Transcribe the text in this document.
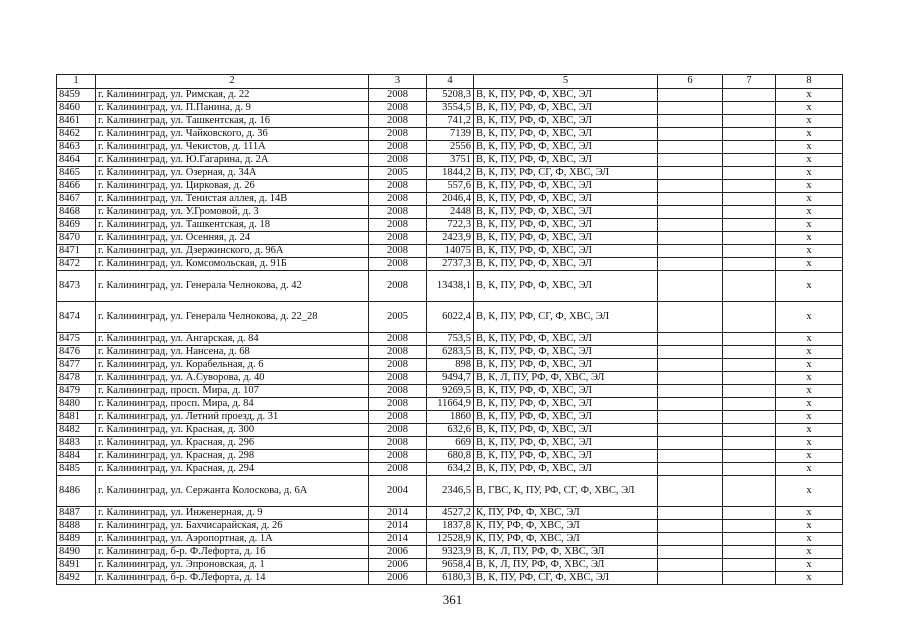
1	2	3	4	5	6	7	8
8459	г. Калининград, ул. Римская, д. 22	2008	5208,3	В, К, ПУ, РФ, Ф, ХВС, ЭЛ			x
8460	г. Калининград, ул. П.Панина, д. 9	2008	3554,5	В, К, ПУ, РФ, Ф, ХВС, ЭЛ			x
8461	г. Калининград, ул. Ташкентская, д. 16	2008	741,2	В, К, ПУ, РФ, Ф, ХВС, ЭЛ			x
8462	г. Калининград, ул. Чайковского, д. 36	2008	7139	В, К, ПУ, РФ, Ф, ХВС, ЭЛ			x
8463	г. Калининград, ул. Чекистов, д. 111А	2008	2556	В, К, ПУ, РФ, Ф, ХВС, ЭЛ			x
8464	г. Калининград, ул. Ю.Гагарина, д. 2А	2008	3751	В, К, ПУ, РФ, Ф, ХВС, ЭЛ			x
8465	г. Калининград, ул. Озерная, д. 34А	2005	1844,2	В, К, ПУ, РФ, СГ, Ф, ХВС, ЭЛ			x
8466	г. Калининград, ул. Цирковая, д. 26	2008	557,6	В, К, ПУ, РФ, Ф, ХВС, ЭЛ			x
8467	г. Калининград, ул. Тенистая аллея, д. 14В	2008	2046,4	В, К, ПУ, РФ, Ф, ХВС, ЭЛ			x
8468	г. Калининград, ул. У.Громовой, д. 3	2008	2448	В, К, ПУ, РФ, Ф, ХВС, ЭЛ			x
8469	г. Калининград, ул. Ташкентская, д. 18	2008	722,3	В, К, ПУ, РФ, Ф, ХВС, ЭЛ			x
8470	г. Калининград, ул. Осенняя, д. 24	2008	2423,9	В, К, ПУ, РФ, Ф, ХВС, ЭЛ			x
8471	г. Калининград, ул. Дзержинского, д. 96А	2008	14075	В, К, ПУ, РФ, Ф, ХВС, ЭЛ			x
8472	г. Калининград, ул. Комсомольская, д. 91Б	2008	2737,3	В, К, ПУ, РФ, Ф, ХВС, ЭЛ			x
8473	г. Калининград, ул. Генерала Челнокова, д. 42	2008	13438,1	В, К, ПУ, РФ, Ф, ХВС, ЭЛ			x
8474	г. Калининград, ул. Генерала Челнокова, д. 22_28	2005	6022,4	В, К, ПУ, РФ, СГ, Ф, ХВС, ЭЛ			x
8475	г. Калининград, ул. Ангарская, д. 84	2008	753,5	В, К, ПУ, РФ, Ф, ХВС, ЭЛ			x
8476	г. Калининград, ул. Нансена, д. 68	2008	6283,5	В, К, ПУ, РФ, Ф, ХВС, ЭЛ			x
8477	г. Калининград, ул. Корабельная, д. 6	2008	898	В, К, ПУ, РФ, Ф, ХВС, ЭЛ			x
8478	г. Калининград, ул. А.Суворова, д. 40	2008	9494,7	В, К, Л, ПУ, РФ, Ф, ХВС, ЭЛ			x
8479	г. Калининград, просп. Мира, д. 107	2008	9269,5	В, К, ПУ, РФ, Ф, ХВС, ЭЛ			x
8480	г. Калининград, просп. Мира, д. 84	2008	11664,9	В, К, ПУ, РФ, Ф, ХВС, ЭЛ			x
8481	г. Калининград, ул. Летний проезд, д. 31	2008	1860	В, К, ПУ, РФ, Ф, ХВС, ЭЛ			x
8482	г. Калининград, ул. Красная, д. 300	2008	632,6	В, К, ПУ, РФ, Ф, ХВС, ЭЛ			x
8483	г. Калининград, ул. Красная, д. 296	2008	669	В, К, ПУ, РФ, Ф, ХВС, ЭЛ			x
8484	г. Калининград, ул. Красная, д. 298	2008	680,8	В, К, ПУ, РФ, Ф, ХВС, ЭЛ			x
8485	г. Калининград, ул. Красная, д. 294	2008	634,2	В, К, ПУ, РФ, Ф, ХВС, ЭЛ			x
8486	г. Калининград, ул. Сержанта Колоскова, д. 6А	2004	2346,5	В, ГВС, К, ПУ, РФ, СГ, Ф, ХВС, ЭЛ			x
8487	г. Калининград, ул. Инженерная, д. 9	2014	4527,2	К, ПУ, РФ, Ф, ХВС, ЭЛ			x
8488	г. Калининград, ул. Бахчисарайская, д. 26	2014	1837,8	К, ПУ, РФ, Ф, ХВС, ЭЛ			x
8489	г. Калининград, ул. Аэропортная, д. 1А	2014	12528,9	К, ПУ, РФ, Ф, ХВС, ЭЛ			x
8490	г. Калининград, б-р. Ф.Лефорта, д. 16	2006	9323,9	В, К, Л, ПУ, РФ, Ф, ХВС, ЭЛ			x
8491	г. Калининград, ул. Эпроновская, д. 1	2006	9658,4	В, К, Л, ПУ, РФ, Ф, ХВС, ЭЛ			x
8492	г. Калининград, б-р. Ф.Лефорта, д. 14	2006	6180,3	В, К, ПУ, РФ, СГ, Ф, ХВС, ЭЛ			x
361
